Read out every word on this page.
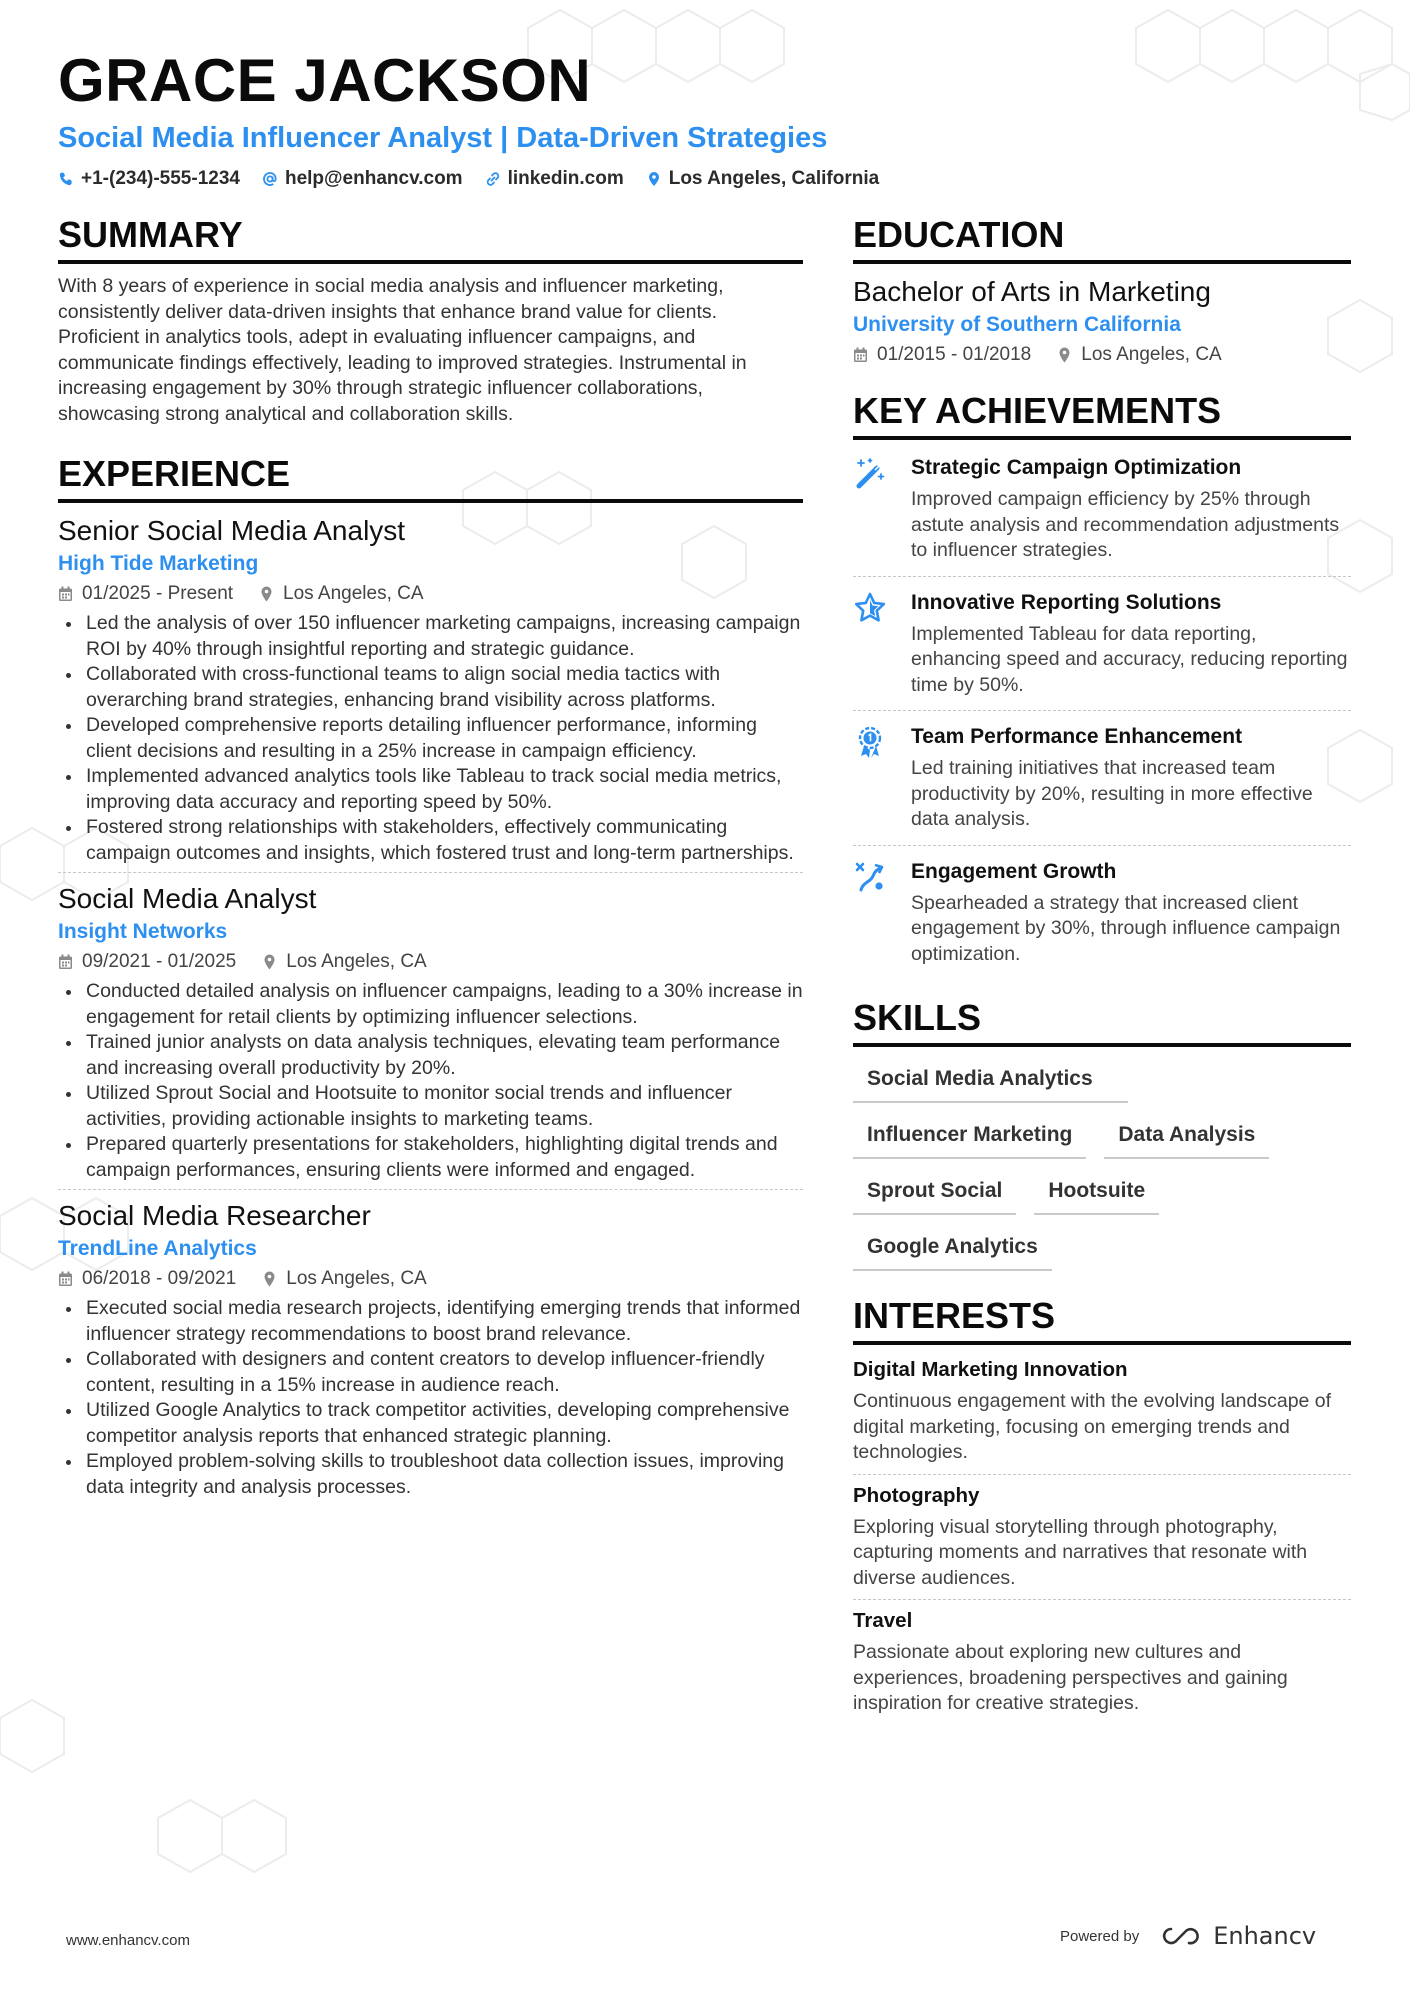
GRACE JACKSON
Social Media Influencer Analyst | Data-Driven Strategies
+1-(234)-555-1234 help@enhancv.com linkedin.com Los Angeles, California
SUMMARY

With 8 years of experience in social media analysis and influencer marketing, consistently deliver data-driven insights that enhance brand value for clients. Proficient in analytics tools, adept in evaluating influencer campaigns, and communicate findings effectively, leading to improved strategies. Instrumental in increasing engagement by 30% through strategic influencer collaborations, showcasing strong analytical and collaboration skills.

EXPERIENCE
Senior Social Media Analyst
High Tide Marketing
01/2025 - Present	Los Angeles, CA
Led the analysis of over 150 influencer marketing campaigns, increasing campaign ROI by 40% through insightful reporting and strategic guidance.
Collaborated with cross-functional teams to align social media tactics with overarching brand strategies, enhancing brand visibility across platforms.
Developed comprehensive reports detailing influencer performance, informing client decisions and resulting in a 25% increase in campaign efficiency.
Implemented advanced analytics tools like Tableau to track social media metrics, improving data accuracy and reporting speed by 50%.
Fostered strong relationships with stakeholders, effectively communicating campaign outcomes and insights, which fostered trust and long-term partnerships.
Social Media Analyst
Insight Networks
09/2021 - 01/2025	Los Angeles, CA
Conducted detailed analysis on influencer campaigns, leading to a 30% increase in engagement for retail clients by optimizing influencer selections.
Trained junior analysts on data analysis techniques, elevating team performance and increasing overall productivity by 20%.
Utilized Sprout Social and Hootsuite to monitor social trends and influencer activities, providing actionable insights to marketing teams.
Prepared quarterly presentations for stakeholders, highlighting digital trends and campaign performances, ensuring clients were informed and engaged.
Social Media Researcher
TrendLine Analytics
06/2018 - 09/2021	Los Angeles, CA
Executed social media research projects, identifying emerging trends that informed influencer strategy recommendations to boost brand relevance.
Collaborated with designers and content creators to develop influencer-friendly content, resulting in a 15% increase in audience reach.
Utilized Google Analytics to track competitor activities, developing comprehensive competitor analysis reports that enhanced strategic planning.
Employed problem-solving skills to troubleshoot data collection issues, improving data integrity and analysis processes.
EDUCATION
Bachelor of Arts in Marketing
University of Southern California
01/2015 - 01/2018	Los Angeles, CA
KEY ACHIEVEMENTS
Strategic Campaign Optimization
Improved campaign efficiency by 25% through astute analysis and recommendation adjustments to influencer strategies.
Innovative Reporting Solutions
Implemented Tableau for data reporting, enhancing speed and accuracy, reducing reporting time by 50%.
Team Performance Enhancement
Led training initiatives that increased team productivity by 20%, resulting in more effective data analysis.
Engagement Growth
Spearheaded a strategy that increased client engagement by 30%, through influence campaign optimization.
SKILLS
Social Media Analytics
Influencer Marketing	Data Analysis
Sprout Social	Hootsuite
Google Analytics
INTERESTS
Digital Marketing Innovation
Continuous engagement with the evolving landscape of digital marketing, focusing on emerging trends and technologies.
Photography
Exploring visual storytelling through photography, capturing moments and narratives that resonate with diverse audiences.
Travel
Passionate about exploring new cultures and experiences, broadening perspectives and gaining inspiration for creative strategies.
www.enhancv.com	Powered by	Enhancv
